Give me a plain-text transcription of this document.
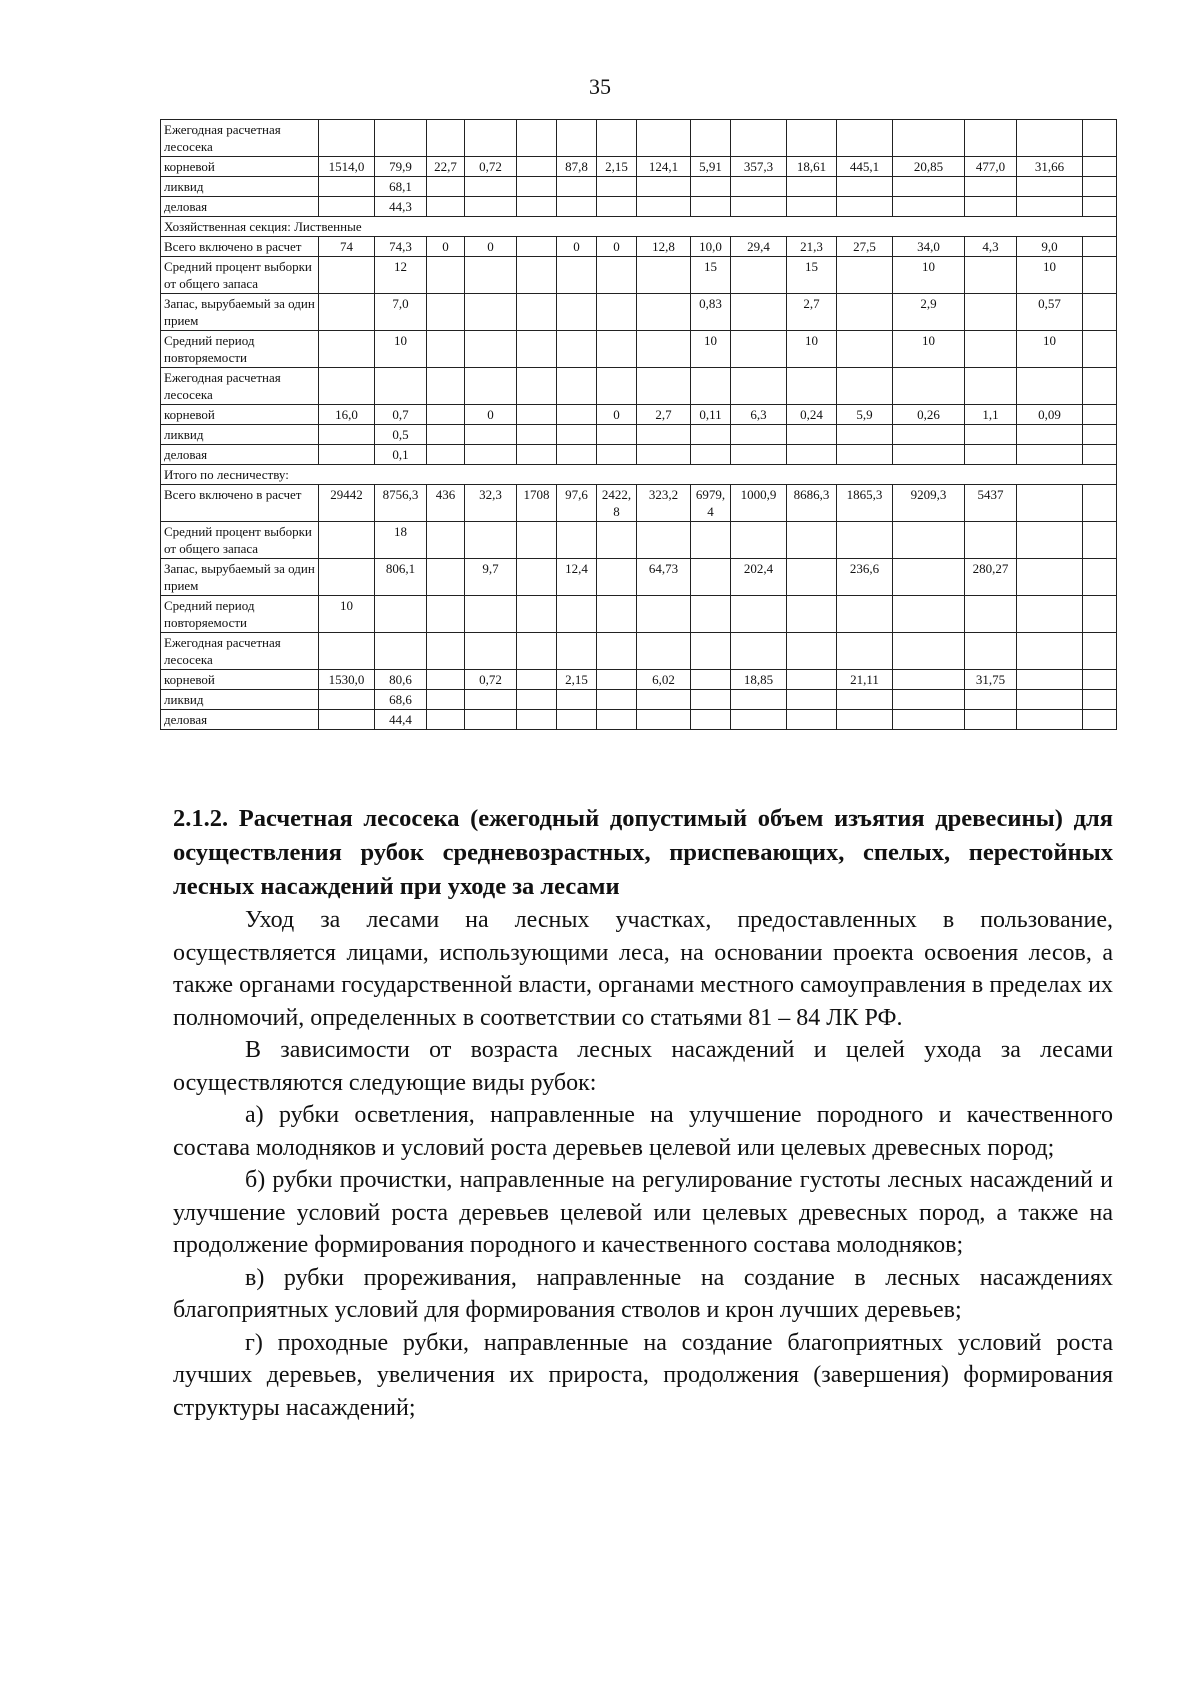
35
Ежегодная расчетная лесосека																
корневой	1514,0	79,9	22,7	0,72		87,8	2,15	124,1	5,91	357,3	18,61	445,1	20,85	477,0	31,66	
ликвид		68,1														
деловая		44,3														
Хозяйственная секция: Лиственные																
Всего включено в расчет	74	74,3	0	0		0	0	12,8	10,0	29,4	21,3	27,5	34,0	4,3	9,0	
Средний процент выборки от общего запаса		12							15		15		10		10	
Запас, вырубаемый за один прием		7,0							0,83		2,7		2,9		0,57	
Средний период повторяемости		10							10		10		10		10	
Ежегодная расчетная лесосека																
корневой	16,0	0,7		0			0	2,7	0,11	6,3	0,24	5,9	0,26	1,1	0,09	
ликвид		0,5														
деловая		0,1														
Итого по лесничеству:																
Всего включено в расчет	29442	8756,3	436	32,3	1708	97,6	2422,8	323,2	6979,4	1000,9	8686,3	1865,3	9209,3	5437		
Средний процент выборки от общего запаса		18														
Запас, вырубаемый за один прием		806,1		9,7		12,4		64,73		202,4		236,6		280,27		
Средний период повторяемости	10															
Ежегодная расчетная лесосека																
корневой	1530,0	80,6		0,72		2,15		6,02		18,85		21,11		31,75		
ликвид		68,6														
деловая		44,4														
2.1.2. Расчетная лесосека (ежегодный допустимый объем изъятия древесины) для осуществления рубок средневозрастных, приспевающих, спелых, перестойных лесных насаждений при уходе за лесами

Уход за лесами на лесных участках, предоставленных в пользование, осуществляется лицами, использующими леса, на основании проекта освоения лесов, а также органами государственной власти, органами местного самоуправления в пределах их полномочий, определенных в соответствии со статьями 81 – 84 ЛК РФ.

В зависимости от возраста лесных насаждений и целей ухода за лесами осуществляются следующие виды рубок:

а) рубки осветления, направленные на улучшение породного и качественного состава молодняков и условий роста деревьев целевой или целевых древесных пород;

б) рубки прочистки, направленные на регулирование густоты лесных насаждений и улучшение условий роста деревьев целевой или целевых древесных пород, а также на продолжение формирования породного и качественного состава молодняков;

в) рубки прореживания, направленные на создание в лесных насаждениях благоприятных условий для формирования стволов и крон лучших деревьев;

г) проходные рубки, направленные на создание благоприятных условий роста лучших деревьев, увеличения их прироста, продолжения (завершения) формирования структуры насаждений;
